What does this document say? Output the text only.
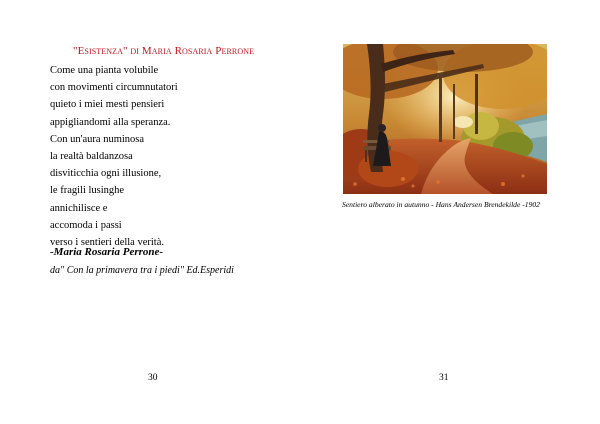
"Esistenza" di Maria Rosaria Perrone
Come una pianta volubile
con movimenti circumnutatori
quieto i miei mesti pensieri
appigliandomi alla speranza.
Con un'aura numinosa
la realtà baldanzosa
disviticchia ogni illusione,
le fragili lusinghe
annichilisce e
accomoda i passi
verso i sentieri della verità.
-Maria Rosaria Perrone-
da" Con la primavera tra i piedi" Ed.Esperidi
30
Sentiero alberato in autunno - Hans Andersen Brendekilde -1902
31
